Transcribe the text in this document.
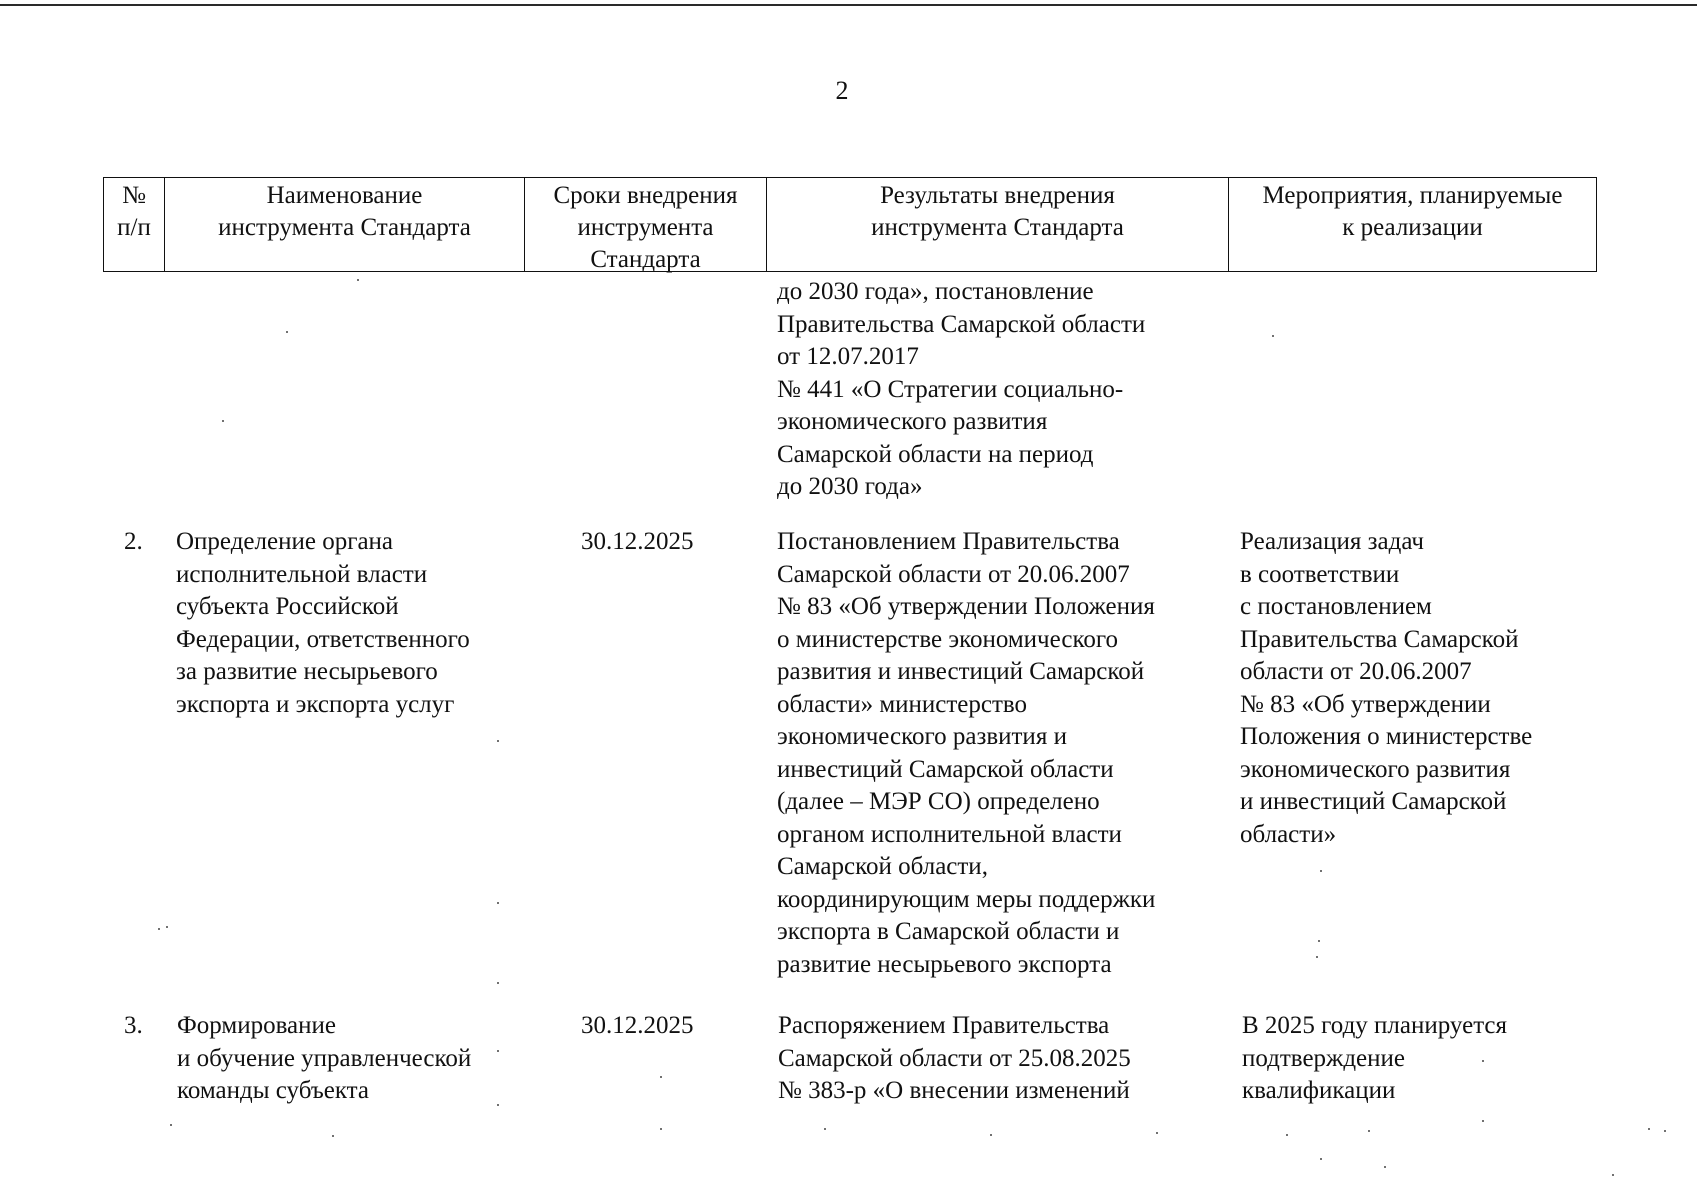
2
№
п/п
Наименование
инструмента Стандарта
Сроки внедрения
инструмента
Стандарта
Результаты внедрения
инструмента Стандарта
Мероприятия, планируемые
к реализации
до 2030 года», постановление
Правительства Самарской области
от 12.07.2017
№ 441 «О Стратегии социально-
экономического развития
Самарской области на период
до 2030 года»
2. Определение органа
исполнительной власти
субъекта Российской
Федерации, ответственного
за развитие несырьевого
экспорта и экспорта услуг
30.12.2025	Постановлением Правительства
Самарской области от 20.06.2007
№ 83 «Об утверждении Положения
о министерстве экономического
развития и инвестиций Самарской
области» министерство
экономического развития и
инвестиций Самарской области
(далее – МЭР СО) определено
органом исполнительной власти
Самарской области,
координирующим меры поддержки
экспорта в Самарской области и
развитие несырьевого экспорта
Реализация задач
в соответствии
с постановлением
Правительства Самарской
области от 20.06.2007
№ 83 «Об утверждении
Положения о министерстве
экономического развития
и инвестиций Самарской
области»
3. Формирование
и обучение управленческой
команды субъекта
30.12.2025	Распоряжением Правительства
Самарской области от 25.08.2025
№ 383-р «О внесении изменений
В 2025 году планируется
подтверждение
квалификации
